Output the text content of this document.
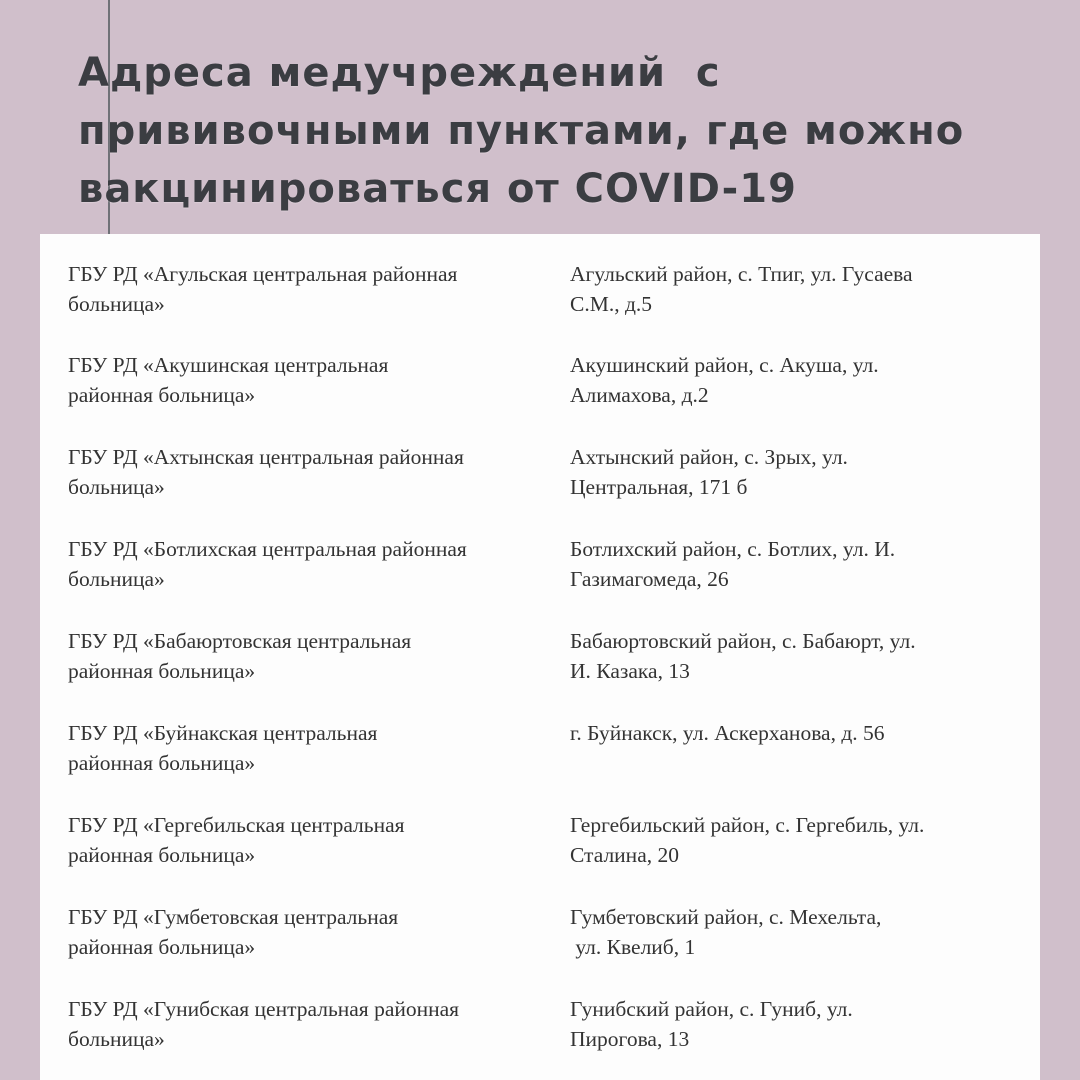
Адреса медучреждений  с
прививочными пунктами, где можно
вакцинироваться от COVID-19
ГБУ РД «Агульская центральная районная
больница»
Агульский район, с. Тпиг, ул. Гусаева
С.М., д.5
ГБУ РД «Акушинская центральная
районная больница»
Акушинский район, с. Акуша, ул.
Алимахова, д.2
ГБУ РД «Ахтынская центральная районная
больница»
Ахтынский район, с. Зрых, ул.
Центральная, 171 б
ГБУ РД «Ботлихская центральная районная
больница»
Ботлихский район, с. Ботлих, ул. И.
Газимагомеда, 26
ГБУ РД «Бабаюртовская центральная
районная больница»
Бабаюртовский район, с. Бабаюрт, ул.
И. Казака, 13
ГБУ РД «Буйнакская центральная
районная больница»
г. Буйнакск, ул. Аскерханова, д. 56
ГБУ РД «Гергебильская центральная
районная больница»
Гергебильский район, с. Гергебиль, ул.
Сталина, 20
ГБУ РД «Гумбетовская центральная
районная больница»
Гумбетовский район, с. Мехельта,
ул. Квелиб, 1
ГБУ РД «Гунибская центральная районная
больница»
Гунибский район, с. Гуниб, ул.
Пирогова, 13
